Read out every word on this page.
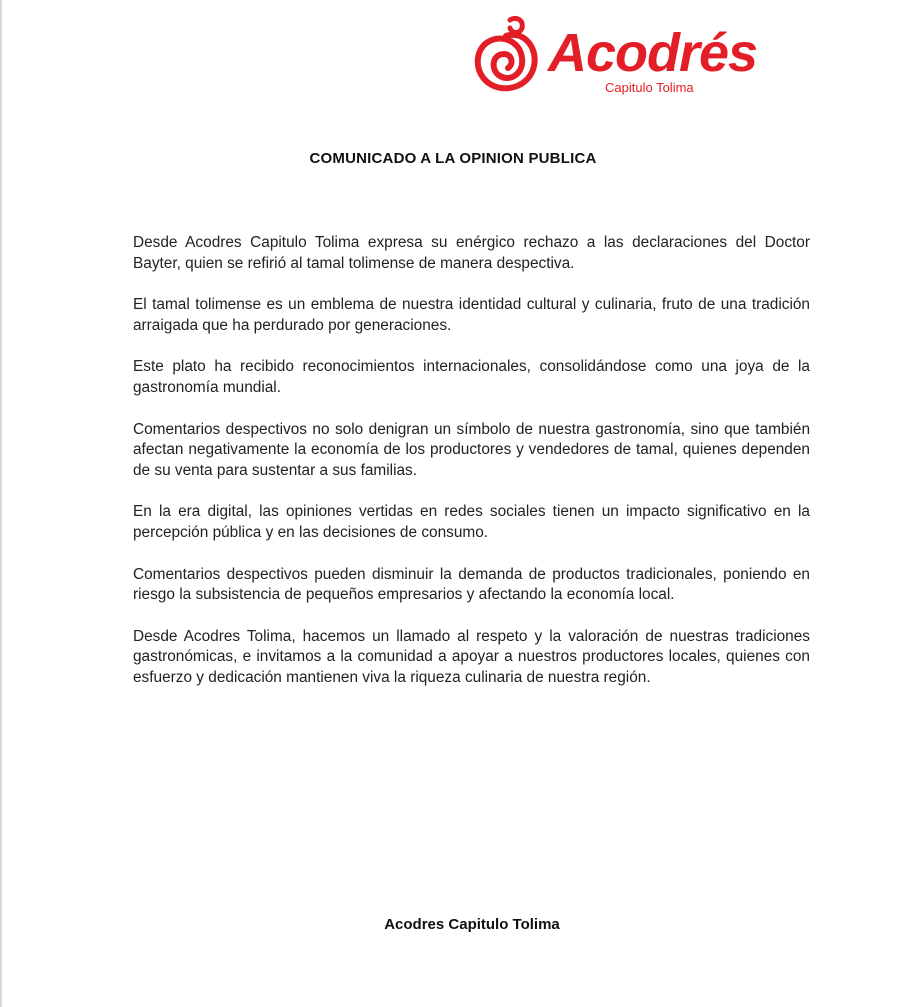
Acodrés
Capitulo Tolima
COMUNICADO A LA OPINION PUBLICA

Desde Acodres Capitulo Tolima expresa su enérgico rechazo a las declaraciones del Doctor Bayter, quien se refirió al tamal tolimense de manera despectiva.

El tamal tolimense es un emblema de nuestra identidad cultural y culinaria, fruto de una tradición arraigada que ha perdurado por generaciones.

Este plato ha recibido reconocimientos internacionales, consolidándose como una joya de la gastronomía mundial.

Comentarios despectivos no solo denigran un símbolo de nuestra gastronomía, sino que también afectan negativamente la economía de los productores y vendedores de tamal, quienes dependen de su venta para sustentar a sus familias.

En la era digital, las opiniones vertidas en redes sociales tienen un impacto significativo en la percepción pública y en las decisiones de consumo.

Comentarios despectivos pueden disminuir la demanda de productos tradicionales, poniendo en riesgo la subsistencia de pequeños empresarios y afectando la economía local.

Desde Acodres Tolima, hacemos un llamado al respeto y la valoración de nuestras tradiciones gastronómicas, e invitamos a la comunidad a apoyar a nuestros productores locales, quienes con esfuerzo y dedicación mantienen viva la riqueza culinaria de nuestra región.

Acodres Capitulo Tolima
